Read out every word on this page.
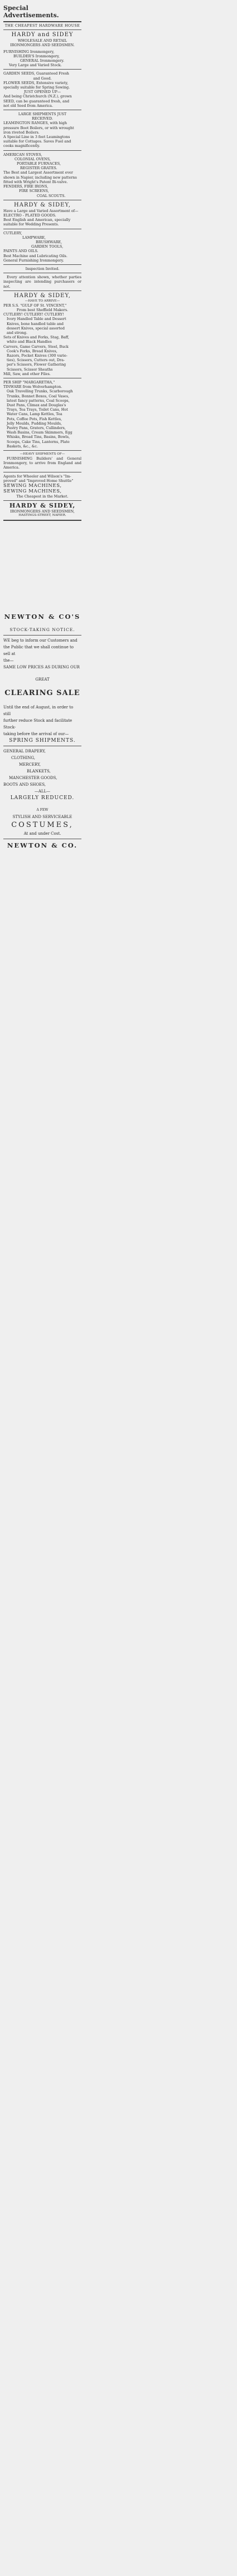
Special Advertisements.
THE CHEAPEST HARDWARE HOUSE
HARDY and SIDEY
WHOLESALE AND RETAIL
IRONMONGERS AND SEEDSMEN.
FURNISHING Ironmongery,
BUILDER'S Ironmongery,
GENERAL Ironmongery.
Very Large and Varied Stock.
GARDEN SEEDS, Guaranteed Fresh
and Good.
FLOWER SEEDS, Extensive variety,
specially suitable for Spring Sowing.
JUST OPENED UP—
And being Christchurch (N.Z.), grown
SEED, can be guaranteed fresh, and
not old Seed from America.
LARGE SHIPMENTS JUST
RECEIVED.
LEAMINGTON RANGES, with high
pressure Boot Boilers, or with wrought
iron riveted Boilers.
A Special Line in 3 feet Leamingtons
suitable for Cottages. Saves Fuel and
cooks magnificently.
AMERICAN STOVES,
COLONIAL OVENS,
PORTABLE FURNACES,
REGISTER GRATES.
The Best and Largest Assortment ever
shown in Napier, including new patterns
fitted with Wright's Patent Bi-valve.
FENDERS, FIRE IRONS,
FIRE SCREENS,
COAL SCOUTS.
HARDY & SIDEY,
Have a Large and Varied Assortment of—
ELECTRO - PLATED GOODS.
Best English and American, specially
suitable for Wedding Presents.
CUTLERY,
LAMPWARE,
BRUSHWARE,
GARDEN TOOLS,
PAINTS AND OILS.
Best Machine and Lubricating Oils.
General Furnishing Ironmongery.
Inspection Invited.
Every attention shown, whether parties inspecting are intending purchasers or not.
HARDY & SIDEY,
—HAVE TO ARRIVE—
PER S.S. "GULF OF St. VINCENT,"
From best Sheffield Makers.
CUTLERY! CUTLERY! CUTLERY!
Ivory Handled Table and Dessert
Knives, bone handled table and
dessert Knives, special assorted
and strong.
Sets of Knives and Forks, Stag, Baff,
white and Black Handles
Carvers, Game Carvers, Steel, Buck
Cook's Forks, Bread Knives,
Razors, Pocket Knives (300 varie-
ties), Scissors, Cutters out, Dra-
per's Scissors, Flower Gathering
Scissors, Scissor Sheaths
Mill, Saw, and other Files.
PER SHIP "MARGARETHA,"
TINWARE from Wolverhampton.
Oak Travelling Trunks, Scarborough
Trunks, Bonnet Boxes, Coal Vases,
latest fancy patterns, Coal Scoops,
Dust Pans, Climax and Douglas's
Trays, Tea Trays, Toilet Cans, Hot
Water Cans, Lamp Kettles, Tea
Pots, Coffee Pots, Fish Kettles,
Jelly Moulds, Pudding Moulds,
Pastry Pans, Graters, Cullinders,
Wash Basins, Cream Skimmers, Egg
Whisks, Bread Tins, Basins, Bowls,
Scoops, Cake Tins, Lanterns, Plate
Baskets, &c., &c.
—HEAVY SHIPMENTS OF—
FURNISHING Builders' and General Ironmongery, to arrive from England and America.
Agents for Wheeler and Wilson's "Im-
proved" and "Improved Home Shuttle"
SEWING MACHINES,
SEWING MACHINES,
The Cheapest in the Market.
HARDY & SIDEY,
IRONMONGERS AND SEEDSMEN,
HASTINGS-STREET, NAPIER.
NEWTON & CO'S
STOCK-TAKING NOTICE.
WE beg to inform our Customers and
the Public that we shall continue to sell at
the—
SAME LOW PRICES AS DURING OUR
GREAT
CLEARING SALE
Until the end of August, in order to still
further reduce Stock and facilitate Stock-
taking before the arrival of our—
SPRING SHIPMENTS.
GENERAL DRAPERY,
CLOTHING,
MERCERY,
BLANKETS,
MANCHESTER GOODS,
BOOTS AND SHOES,
—ALL—
LARGELY REDUCED.
A FEW
STYLISH AND SERVICEABLE
COSTUMES,
At and under Cost.
NEWTON & CO.
